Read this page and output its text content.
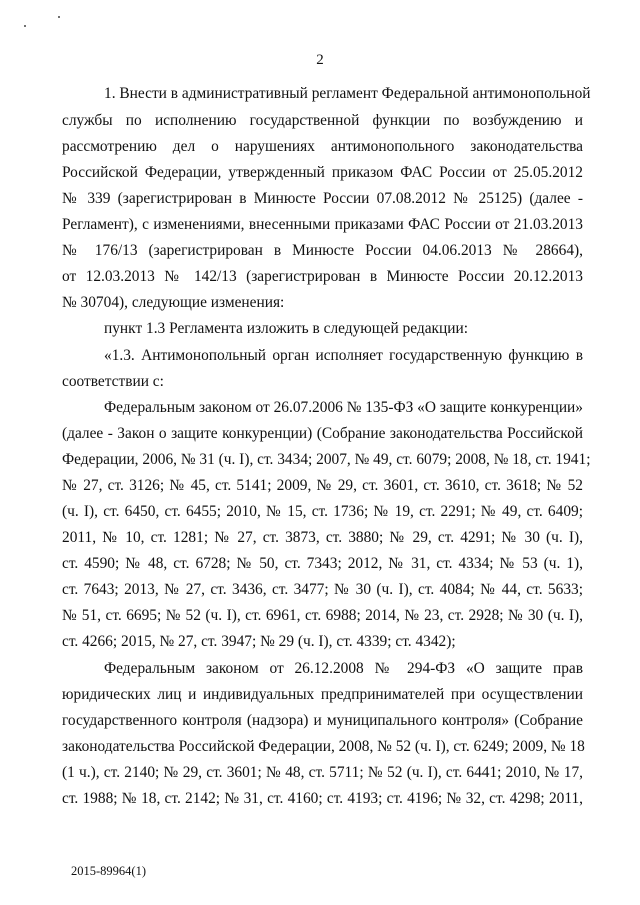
2
1. Внести в административный регламент Федеральной антимонопольной
службы по исполнению государственной функции по возбуждению и
рассмотрению дел о нарушениях антимонопольного законодательства
Российской Федерации, утвержденный приказом ФАС России от 25.05.2012
№ 339 (зарегистрирован в Минюсте России 07.08.2012 № 25125) (далее -
Регламент), с изменениями, внесенными приказами ФАС России от 21.03.2013
№ 176/13 (зарегистрирован в Минюсте России 04.06.2013 № 28664),
от 12.03.2013 № 142/13 (зарегистрирован в Минюсте России 20.12.2013
№ 30704), следующие изменения:
пункт 1.3 Регламента изложить в следующей редакции:
«1.3. Антимонопольный орган исполняет государственную функцию в
соответствии с:
Федеральным законом от 26.07.2006 № 135-ФЗ «О защите конкуренции»
(далее - Закон о защите конкуренции) (Собрание законодательства Российской
Федерации, 2006, № 31 (ч. I), ст. 3434; 2007, № 49, ст. 6079; 2008, № 18, ст. 1941;
№ 27, ст. 3126; № 45, ст. 5141; 2009, № 29, ст. 3601, ст. 3610, ст. 3618; № 52
(ч. I), ст. 6450, ст. 6455; 2010, № 15, ст. 1736; № 19, ст. 2291; № 49, ст. 6409;
2011, № 10, ст. 1281; № 27, ст. 3873, ст. 3880; № 29, ст. 4291; № 30 (ч. I),
ст. 4590; № 48, ст. 6728; № 50, ст. 7343; 2012, № 31, ст. 4334; № 53 (ч. 1),
ст. 7643; 2013, № 27, ст. 3436, ст. 3477; № 30 (ч. I), ст. 4084; № 44, ст. 5633;
№ 51, ст. 6695; № 52 (ч. I), ст. 6961, ст. 6988; 2014, № 23, ст. 2928; № 30 (ч. I),
ст. 4266; 2015, № 27, ст. 3947; № 29 (ч. I), ст. 4339; ст. 4342);
Федеральным законом от 26.12.2008 № 294-ФЗ «О защите прав
юридических лиц и индивидуальных предпринимателей при осуществлении
государственного контроля (надзора) и муниципального контроля» (Собрание
законодательства Российской Федерации, 2008, № 52 (ч. I), ст. 6249; 2009, № 18
(1 ч.), ст. 2140; № 29, ст. 3601; № 48, ст. 5711; № 52 (ч. I), ст. 6441; 2010, № 17,
ст. 1988; № 18, ст. 2142; № 31, ст. 4160; ст. 4193; ст. 4196; № 32, ст. 4298; 2011,
2015-89964(1)
